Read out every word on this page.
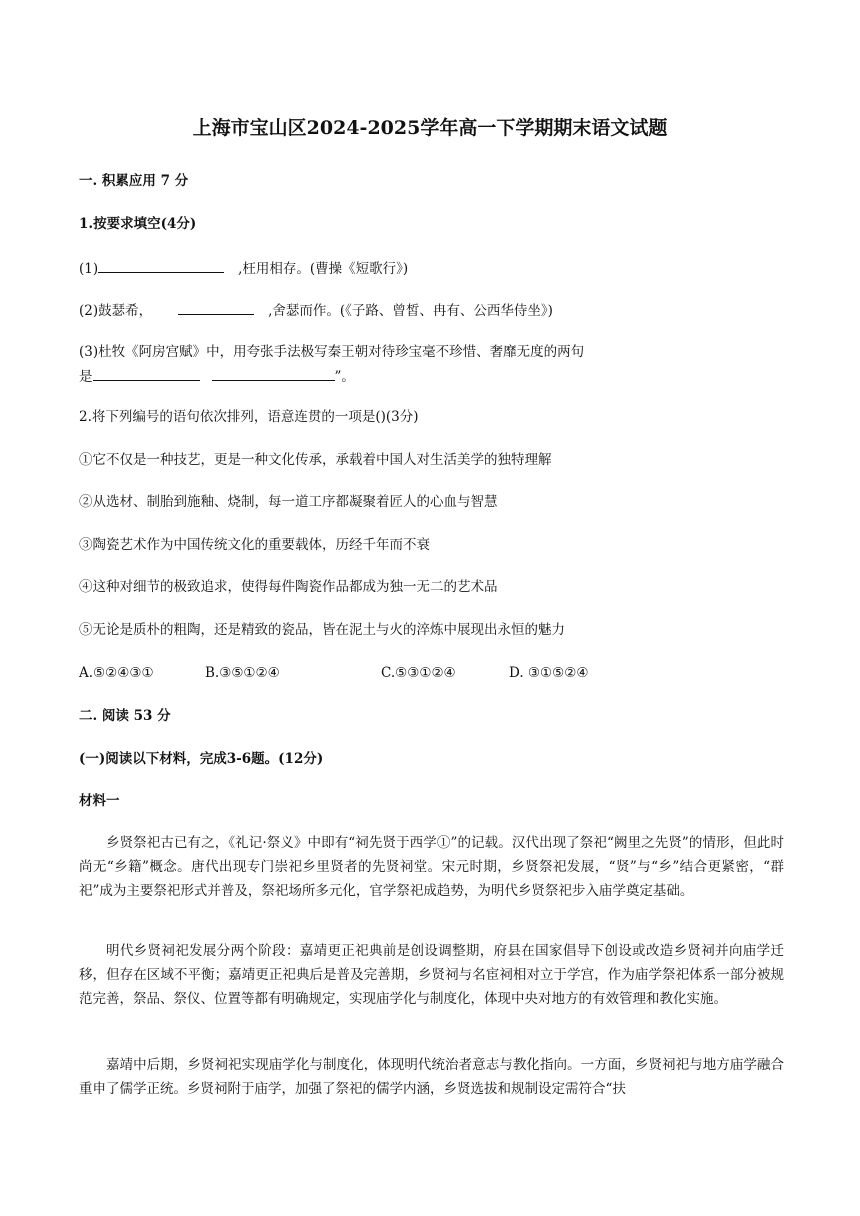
上海市宝山区2024-2025学年高一下学期期末语文试题
一. 积累应用 7 分
1.按要求填空(4分)
(1)	,枉用相存。(曹操《短歌行》)
(2)鼓瑟希，	,舍瑟而作。(《子路、曾皙、冉有、公西华侍坐》)
(3)杜牧《阿房宫赋》中，用夸张手法极写秦王朝对待珍宝毫不珍惜、奢靡无度的两句
是	”。
2.将下列编号的语句依次排列，语意连贯的一项是()(3分)
①它不仅是一种技艺，更是一种文化传承，承载着中国人对生活美学的独特理解
②从选材、制胎到施釉、烧制，每一道工序都凝聚着匠人的心血与智慧
③陶瓷艺术作为中国传统文化的重要载体，历经千年而不衰
④这种对细节的极致追求，使得每件陶瓷作品都成为独一无二的艺术品
⑤无论是质朴的粗陶，还是精致的瓷品，皆在泥土与火的淬炼中展现出永恒的魅力
A.⑤②④③①	B.③⑤①②④	C.⑤③①②④	D. ③①⑤②④
二. 阅读 53 分
(一)阅读以下材料，完成3-6题。(12分)
材料一
乡贤祭祀古已有之，《礼记·祭义》中即有“祠先贤于西学①”的记载。汉代出现了祭祀“阙里之先贤”的情形，但此时尚无“乡籍”概念。唐代出现专门崇祀乡里贤者的先贤祠堂。宋元时期，乡贤祭祀发展，“贤”与“乡”结合更紧密，“群祀”成为主要祭祀形式并普及，祭祀场所多元化，官学祭祀成趋势，为明代乡贤祭祀步入庙学奠定基础。
明代乡贤祠祀发展分两个阶段：嘉靖更正祀典前是创设调整期，府县在国家倡导下创设或改造乡贤祠并向庙学迁移，但存在区域不平衡；嘉靖更正祀典后是普及完善期，乡贤祠与名宦祠相对立于学宫，作为庙学祭祀体系一部分被规范完善，祭品、祭仪、位置等都有明确规定，实现庙学化与制度化，体现中央对地方的有效管理和教化实施。
嘉靖中后期，乡贤祠祀实现庙学化与制度化，体现明代统治者意志与教化指向。一方面，乡贤祠祀与地方庙学融合重申了儒学正统。乡贤祠附于庙学，加强了祭祀的儒学内涵，乡贤选拔和规制设定需符合“扶
